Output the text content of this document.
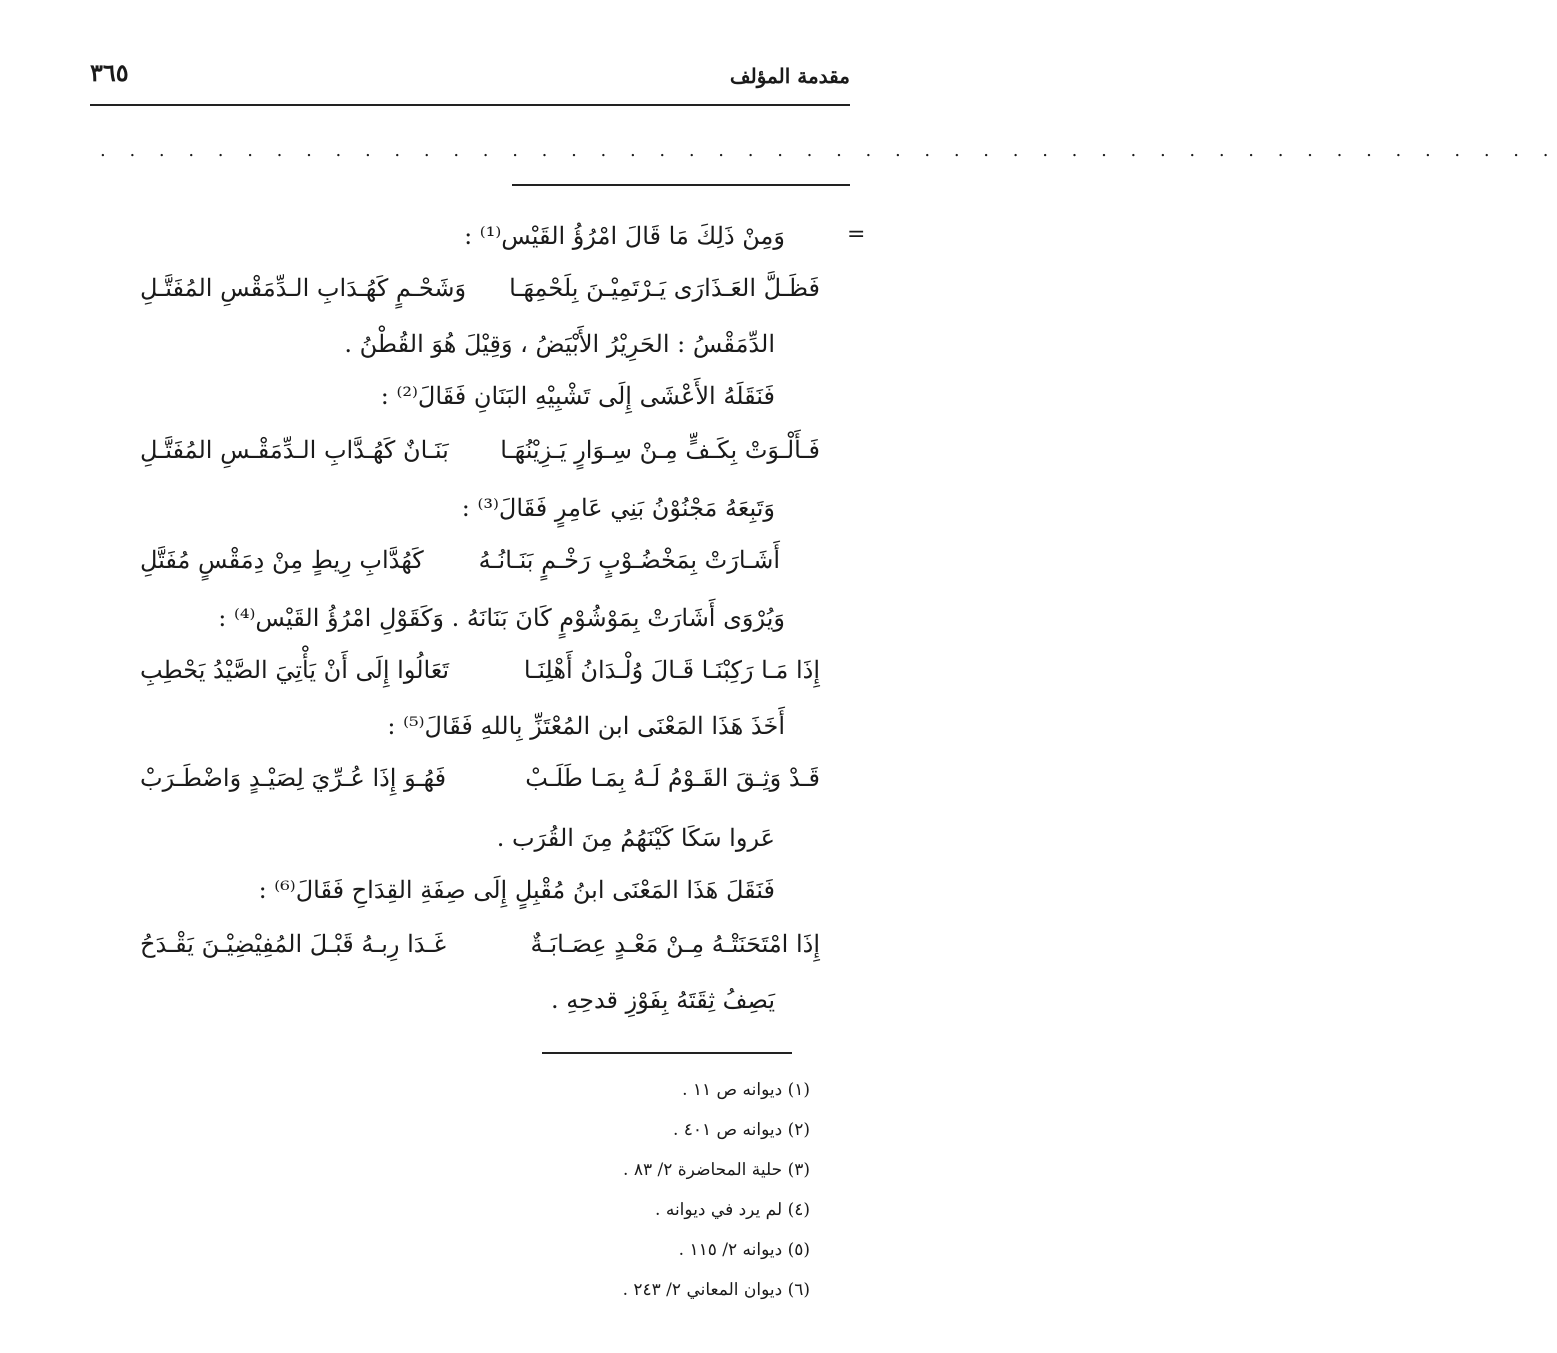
٣٦٥	مقدمة المؤلف
. . . . . . . . . . . . . . . . . . . . . . . . . . . . . . . . . . . . . . . . . . . . . . . . . .
=
وَمِنْ ذَلِكَ مَا قَالَ امْرُؤُ القَيْس⁽¹⁾ :
فَظَـلَّ العَـذَارَى يَـرْتَمِيْـنَ بِلَحْمِهَـا
وَشَحْـمٍ كَهُـدَابِ الـدِّمَقْسِ المُفَتَّـلِ
الدِّمَقْسُ : الحَرِيْرُ الأَبْيَضُ ، وَقِيْلَ هُوَ القُطْنُ .
فَنَقَلَهُ الأَعْشَى إِلَى تَشْبِيْهِ البَنَانِ فَقَالَ⁽²⁾ :
فَـأَلْـوَتْ بِكَـفٍّ مِـنْ سِـوَارٍ يَـزِيْنُهَـا
بَنَـانٌ كَهُـدَّابِ الـدِّمَقْـسِ المُفَتَّـلِ
وَتَبِعَهُ مَجْنُوْنُ بَنِي عَامِرٍ فَقَالَ⁽³⁾ :
أَشَـارَتْ بِمَخْضُـوْبٍ رَخْـمٍ بَنَـانُـهُ
كَهُدَّابِ رِيطٍ مِنْ دِمَقْسٍ مُفَتَّلِ
وَيُرْوَى أَشَارَتْ بِمَوْشُوْمٍ كَانَ بَنَانَهُ . وَكَقَوْلِ امْرُؤُ القَيْس⁽⁴⁾ :
إِذَا مَـا رَكِبْنَـا قَـالَ وُلْـدَانُ أَهْلِنَـا
تَعَالُوا إِلَى أَنْ يَأْتِيَ الصَّيْدُ يَحْطِبِ
أَخَذَ هَذَا المَعْنَى ابن المُعْتَزِّ بِاللهِ فَقَالَ⁽⁵⁾ :
قَـدْ وَثِـقَ القَـوْمُ لَـهُ بِمَـا طَلَـبْ
فَهُـوَ إِذَا عُـرِّيَ لِصَيْـدٍ وَاضْطَـرَبْ
عَروا سَكَا كَيْنَهُمُ مِنَ القُرَب .
فَنَقَلَ هَذَا المَعْنَى ابنُ مُقْبِلٍ إِلَى صِفَةِ القِدَاحِ فَقَالَ⁽⁶⁾ :
إِذَا امْتَحَنَتْـهُ مِـنْ مَعْـدٍ عِصَـابَـةٌ
غَـدَا رِبـهُ قَبْـلَ المُفِيْضِيْـنَ يَقْـدَحُ
يَصِفُ ثِقَتَهُ بِفَوْزِ قدحِهِ .
(١) ديوانه ص ١١ .
(٢) ديوانه ص ٤٠١ .
(٣) حلية المحاضرة ٢/ ٨٣ .
(٤) لم يرد في ديوانه .
(٥) ديوانه ٢/ ١١٥ .
(٦) ديوان المعاني ٢/ ٢٤٣ .
